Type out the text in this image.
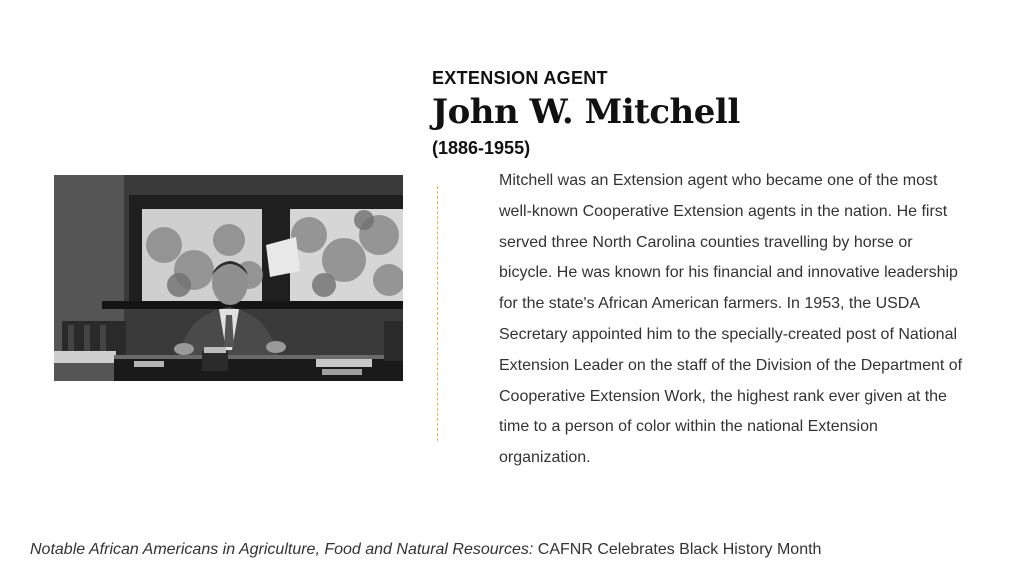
EXTENSION AGENT
John W. Mitchell
(1886-1955)

Mitchell was an Extension agent who became one of the most well-known Cooperative Extension agents in the nation. He first served three North Carolina counties travelling by horse or bicycle. He was known for his financial and innovative leadership for the state's African American farmers. In 1953, the USDA Secretary appointed him to the specially-created post of National Extension Leader on the staff of the Division of the Department of Cooperative Extension Work, the highest rank ever given at the time to a person of color within the national Extension organization.

Notable African Americans in Agriculture, Food and Natural Resources: CAFNR Celebrates Black History Month
